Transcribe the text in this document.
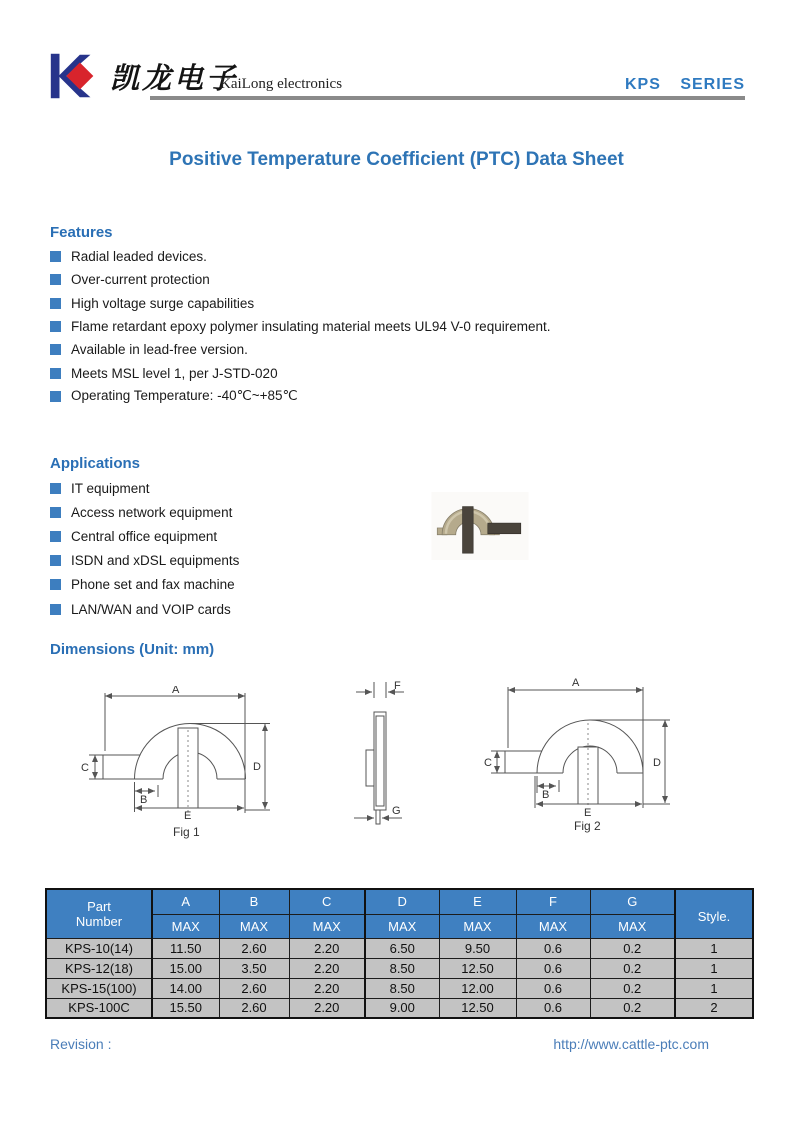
凯龙电子
KaiLong electronics	KPS SERIES
Positive Temperature Coefficient (PTC) Data Sheet
Features
Radial leaded devices.
Over-current protection
High voltage surge capabilities
Flame retardant epoxy polymer insulating material meets UL94 V-0 requirement.
Available in lead-free version.
Meets MSL level 1, per J-STD-020
Operating Temperature: -40℃~+85℃
Applications
IT equipment
Access network equipment
Central office equipment
ISDN and xDSL equipments
Phone set and fax machine
LAN/WAN and VOIP cards
Dimensions (Unit: mm)
A
C
B
D
E
Fig 1
F
G
A
C
B
D
E
Fig 2
Part
Number	A	B	C	D	E	F	G	Style.
	MAX	MAX	MAX	MAX	MAX	MAX	MAX	
KPS-10(14)	11.50	2.60	2.20	6.50	9.50	0.6	0.2	1
KPS-12(18)	15.00	3.50	2.20	8.50	12.50	0.6	0.2	1
KPS-15(100)	14.00	2.60	2.20	8.50	12.00	0.6	0.2	1
KPS-100C	15.50	2.60	2.20	9.00	12.50	0.6	0.2	2
Revision :	http://www.cattle-ptc.com
